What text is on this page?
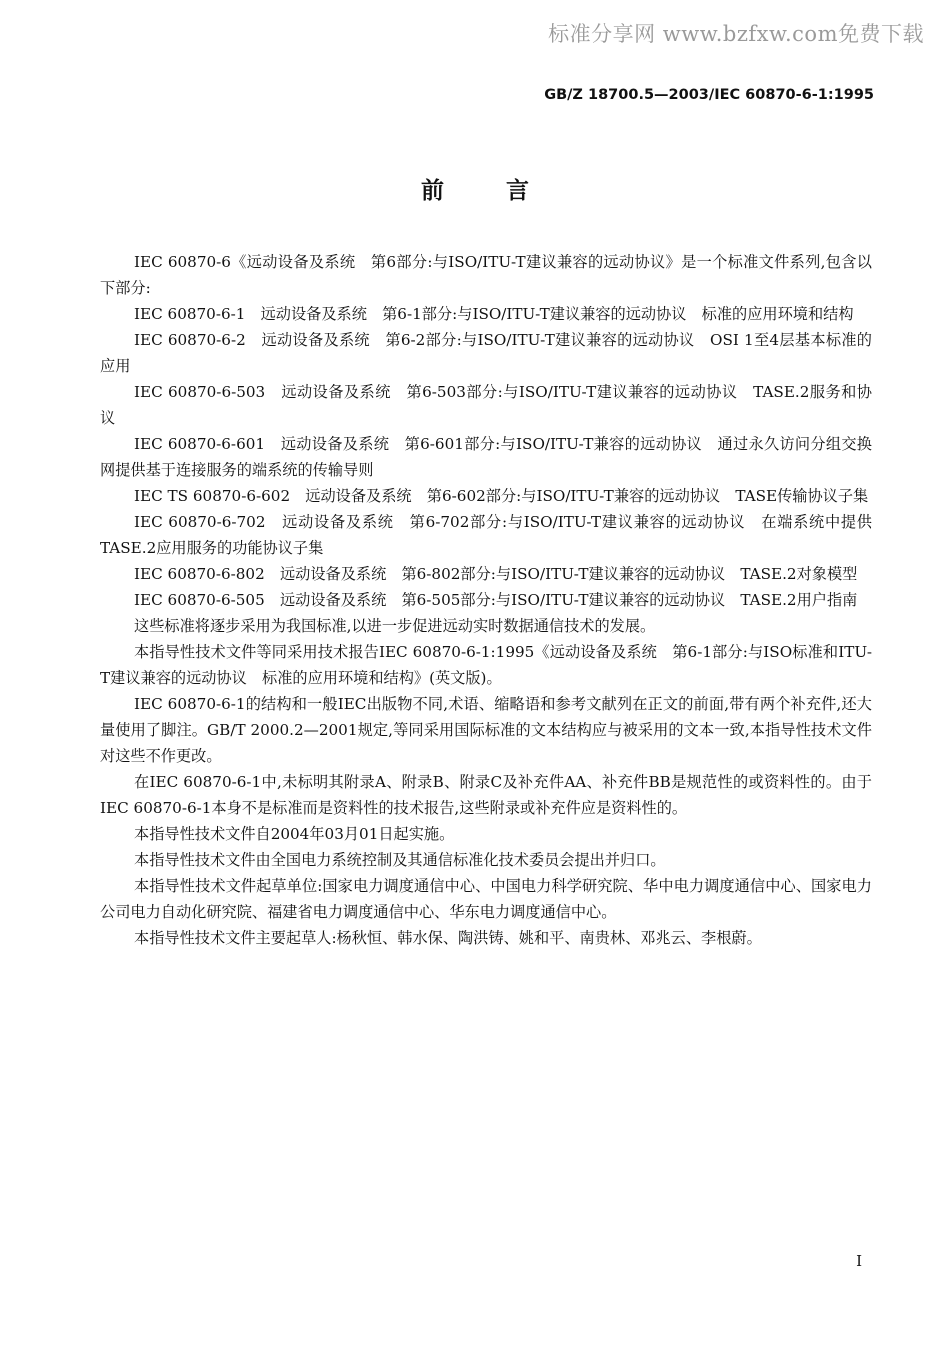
标准分享网 www.bzfxw.com免费下载
GB/Z 18700.5—2003/IEC 60870-6-1:1995
前言

IEC 60870-6《远动设备及系统　第6部分:与ISO/ITU-T建议兼容的远动协议》是一个标准文件系列,包含以下部分:

IEC 60870-6-1　远动设备及系统　第6-1部分:与ISO/ITU-T建议兼容的远动协议　标准的应用环境和结构

IEC 60870-6-2　远动设备及系统　第6-2部分:与ISO/ITU-T建议兼容的远动协议　OSI 1至4层基本标准的应用

IEC 60870-6-503　远动设备及系统　第6-503部分:与ISO/ITU-T建议兼容的远动协议　TASE.2服务和协议

IEC 60870-6-601　远动设备及系统　第6-601部分:与ISO/ITU-T兼容的远动协议　通过永久访问分组交换网提供基于连接服务的端系统的传输导则

IEC TS 60870-6-602　远动设备及系统　第6-602部分:与ISO/ITU-T兼容的远动协议　TASE传输协议子集

IEC 60870-6-702　远动设备及系统　第6-702部分:与ISO/ITU-T建议兼容的远动协议　在端系统中提供TASE.2应用服务的功能协议子集

IEC 60870-6-802　远动设备及系统　第6-802部分:与ISO/ITU-T建议兼容的远动协议　TASE.2对象模型

IEC 60870-6-505　远动设备及系统　第6-505部分:与ISO/ITU-T建议兼容的远动协议　TASE.2用户指南

这些标准将逐步采用为我国标准,以进一步促进远动实时数据通信技术的发展。

本指导性技术文件等同采用技术报告IEC 60870-6-1:1995《远动设备及系统　第6-1部分:与ISO标准和ITU-T建议兼容的远动协议　标准的应用环境和结构》(英文版)。

IEC 60870-6-1的结构和一般IEC出版物不同,术语、缩略语和参考文献列在正文的前面,带有两个补充件,还大量使用了脚注。GB/T 2000.2—2001规定,等同采用国际标准的文本结构应与被采用的文本一致,本指导性技术文件对这些不作更改。

在IEC 60870-6-1中,未标明其附录A、附录B、附录C及补充件AA、补充件BB是规范性的或资料性的。由于IEC 60870-6-1本身不是标准而是资料性的技术报告,这些附录或补充件应是资料性的。

本指导性技术文件自2004年03月01日起实施。

本指导性技术文件由全国电力系统控制及其通信标准化技术委员会提出并归口。

本指导性技术文件起草单位:国家电力调度通信中心、中国电力科学研究院、华中电力调度通信中心、国家电力公司电力自动化研究院、福建省电力调度通信中心、华东电力调度通信中心。

本指导性技术文件主要起草人:杨秋恒、韩水保、陶洪铸、姚和平、南贵林、邓兆云、李根蔚。

I
